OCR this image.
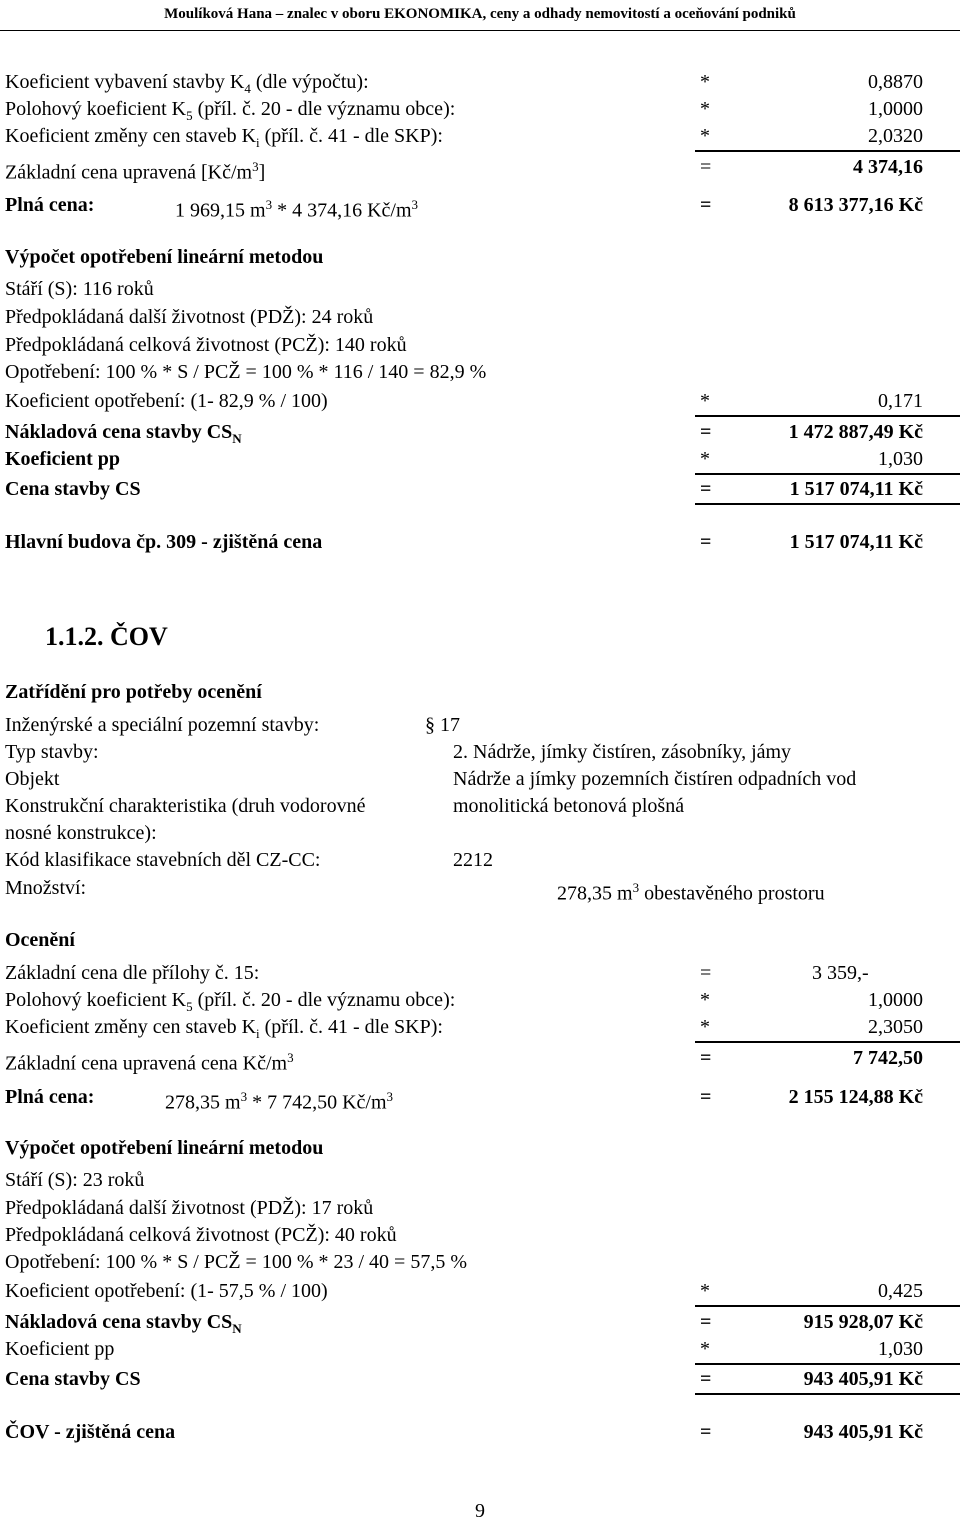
Moulíková Hana – znalec v oboru EKONOMIKA, ceny a odhady nemovitostí a oceňování podniků
Koeficient vybavení stavby $K_4$ (dle výpočtu):	*	0,8870
Polohový koeficient $K_5$ (příl. č. 20 - dle významu obce):	*	1,0000
Koeficient změny cen staveb $K_i$ (příl. č. 41 - dle SKP):	*	2,0320
Základní cena upravená $[Kč/m^3]$	=	4 374,16
Plná cena:	1 969,15 $m^3 * 4$ 374,16 $Kč/m^3$	=	8 613 377,16 Kč
Výpočet opotřebení lineární metodou
Stáří (S): 116 roků
Předpokládaná další životnost (PDŽ): 24 roků
Předpokládaná celková životnost (PCŽ): 140 roků
Opotřebení: 100 % * S / PCŽ = 100 % * 116 / 140 = 82,9 %
Koeficient opotřebení: (1- 82,9 % / 100)	*	0,171
Nákladová cena stavby $CS_N$	=	1 472 887,49 Kč
Koeficient pp	*	1,030
Cena stavby CS	=	1 517 074,11 Kč
Hlavní budova čp. 309 - zjištěná cena	=	1 517 074,11 Kč
1.1.2. ČOV
Zatřídění pro potřeby ocenění
Inženýrské a speciální pozemní stavby:	§ 17
Typ stavby:	2. Nádrže, jímky čistíren, zásobníky, jámy
Objekt	Nádrže a jímky pozemních čistíren odpadních vod
Konstrukční charakteristika (druh vodorovné	monolitická betonová plošná
nosné konstrukce):
Kód klasifikace stavebních děl CZ-CC:	2212
Množství:	278,35 $m^3$ obestavěného prostoru
Ocenění
Základní cena dle přílohy č. 15:	=	3 359,-
Polohový koeficient $K_5$ (příl. č. 20 - dle významu obce):	*	1,0000
Koeficient změny cen staveb $K_i$ (příl. č. 41 - dle SKP):	*	2,3050
Základní cena upravená cena $Kč/m^3$	=	7 742,50
Plná cena:	278,35 $m^3 * 7$ 742,50 $Kč/m^3$	=	2 155 124,88 Kč
Výpočet opotřebení lineární metodou
Stáří (S): 23 roků
Předpokládaná další životnost (PDŽ): 17 roků
Předpokládaná celková životnost (PCŽ): 40 roků
Opotřebení: 100 % * S / PCŽ = 100 % * 23 / 40 = 57,5 %
Koeficient opotřebení: (1- 57,5 % / 100)	*	0,425
Nákladová cena stavby $CS_N$	=	915 928,07 Kč
Koeficient pp	*	1,030
Cena stavby CS	=	943 405,91 Kč
ČOV - zjištěná cena	=	943 405,91 Kč
9
